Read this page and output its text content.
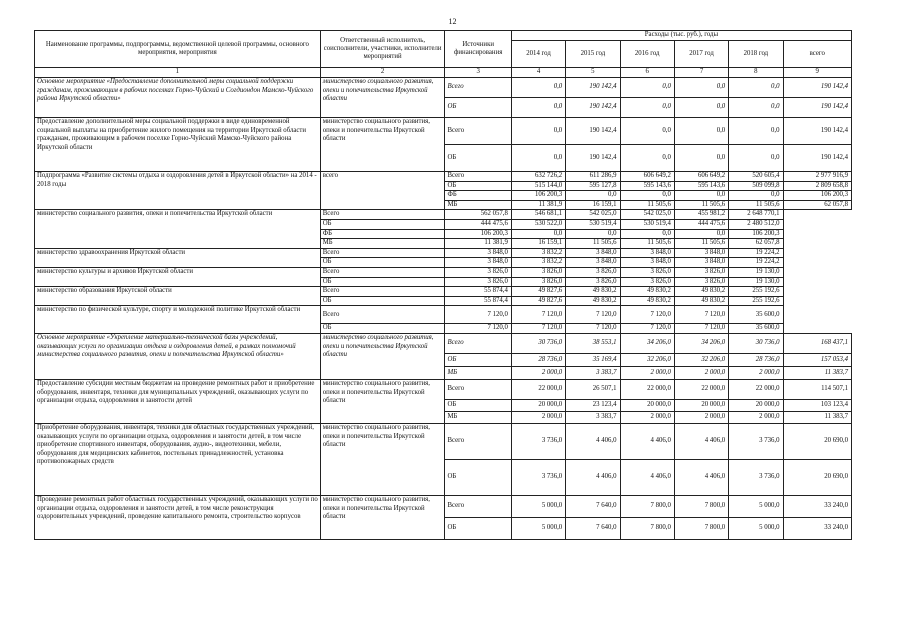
12
Наименование программы, подпрограммы, ведомственной целевой программы, основного мероприятия, мероприятия	Ответственный исполнитель, соисполнители, участники, исполнители мероприятий	Источники финансирования	Расходы (тыс. руб.), годы					
			2014 год	2015 год	2016 год	2017 год	2018 год	всего
1	2	3	4	5	6	7	8	9
Основное мероприятие «Предоставление дополнительной меры социальной поддержки гражданам, проживающим в рабочих поселках Горно-Чуйский и Согдиондон Мамско-Чуйского района Иркутской области»	министерство социального развития, опеки и попечительства Иркутской области	Всего	0,0	190 142,4	0,0	0,0	0,0	190 142,4
		ОБ	0,0	190 142,4	0,0	0,0	0,0	190 142,4
Предоставление дополнительной меры социальной поддержки в виде единовременной социальной выплаты на приобретение жилого помещения на территории Иркутской области гражданам, проживающим в рабочем поселке Горно-Чуйский Мамско-Чуйского района Иркутской области	министерство социального развития, опеки и попечительства Иркутской области	Всего	0,0	190 142,4	0,0	0,0	0,0	190 142,4
		ОБ	0,0	190 142,4	0,0	0,0	0,0	190 142,4
Подпрограмма «Развитие системы отдыха и оздоровления детей в Иркутской области» на 2014 - 2018 годы	всего	Всего	632 726,2	611 286,9	606 649,2	606 649,2	520 605,4	2 977 916,9
		ОБ	515 144,0	595 127,8	595 143,6	595 143,6	509 099,8	2 809 658,8
		ФБ	106 200,3	0,0	0,0	0,0	0,0	106 200,3
		МБ	11 381,9	16 159,1	11 505,6	11 505,6	11 505,6	62 057,8
министерство социального развития, опеки и попечительства Иркутской области	Всего	562 057,8	546 681,1	542 025,0	542 025,0	455 981,2	2 648 770,1	
	ОБ	444 475,6	530 522,0	530 519,4	530 519,4	444 475,6	2 480 512,0	
	ФБ	106 200,3	0,0	0,0	0,0	0,0	106 200,3	
	МБ	11 381,9	16 159,1	11 505,6	11 505,6	11 505,6	62 057,8	
министерство здравоохранения Иркутской области	Всего	3 848,0	3 832,2	3 848,0	3 848,0	3 848,0	19 224,2	
	ОБ	3 848,0	3 832,2	3 848,0	3 848,0	3 848,0	19 224,2	
министерство культуры и архивов Иркутской области	Всего	3 826,0	3 826,0	3 826,0	3 826,0	3 826,0	19 130,0	
	ОБ	3 826,0	3 826,0	3 826,0	3 826,0	3 826,0	19 130,0	
министерство образования Иркутской области	Всего	55 874,4	49 827,6	49 830,2	49 830,2	49 830,2	255 192,6	
	ОБ	55 874,4	49 827,6	49 830,2	49 830,2	49 830,2	255 192,6	
министерство по физической культуре, спорту и молодежной политике Иркутской области	Всего	7 120,0	7 120,0	7 120,0	7 120,0	7 120,0	35 600,0	
	ОБ	7 120,0	7 120,0	7 120,0	7 120,0	7 120,0	35 600,0	
Основное мероприятие «Укрепление материально-технической базы учреждений, оказывающих услуги по организации отдыха и оздоровления детей, в рамках полномочий министерства социального развития, опеки и попечительства Иркутской области»	министерство социального развития, опеки и попечительства Иркутской области	Всего	30 736,0	38 553,1	34 206,0	34 206,0	30 736,0	168 437,1
		ОБ	28 736,0	35 169,4	32 206,0	32 206,0	28 736,0	157 053,4
		МБ	2 000,0	3 383,7	2 000,0	2 000,0	2 000,0	11 383,7
Предоставление субсидии местным бюджетам на проведение ремонтных работ и приобретение оборудования, инвентаря, техники для муниципальных учреждений, оказывающих услуги по организации отдыха, оздоровления и занятости детей	министерство социального развития, опеки и попечительства Иркутской области	Всего	22 000,0	26 507,1	22 000,0	22 000,0	22 000,0	114 507,1
		ОБ	20 000,0	23 123,4	20 000,0	20 000,0	20 000,0	103 123,4
		МБ	2 000,0	3 383,7	2 000,0	2 000,0	2 000,0	11 383,7
Приобретение оборудования, инвентаря, техники для областных государственных учреждений, оказывающих услуги по организации отдыха, оздоровления и занятости детей, в том числе приобретение спортивного инвентаря, оборудования, аудио-, видеотехники, мебели, оборудования для медицинских кабинетов, постельных принадлежностей, установка противопожарных средств	министерство социального развития, опеки и попечительства Иркутской области	Всего	3 736,0	4 406,0	4 406,0	4 406,0	3 736,0	20 690,0
		ОБ	3 736,0	4 406,0	4 406,0	4 406,0	3 736,0	20 690,0
Проведение ремонтных работ областных государственных учреждений, оказывающих услуги по организации отдыха, оздоровления и занятости детей, в том числе реконструкция оздоровительных учреждений, проведение капитального ремонта, строительство корпусов	министерство социального развития, опеки и попечительства Иркутской области	Всего	5 000,0	7 640,0	7 800,0	7 800,0	5 000,0	33 240,0
		ОБ	5 000,0	7 640,0	7 800,0	7 800,0	5 000,0	33 240,0
